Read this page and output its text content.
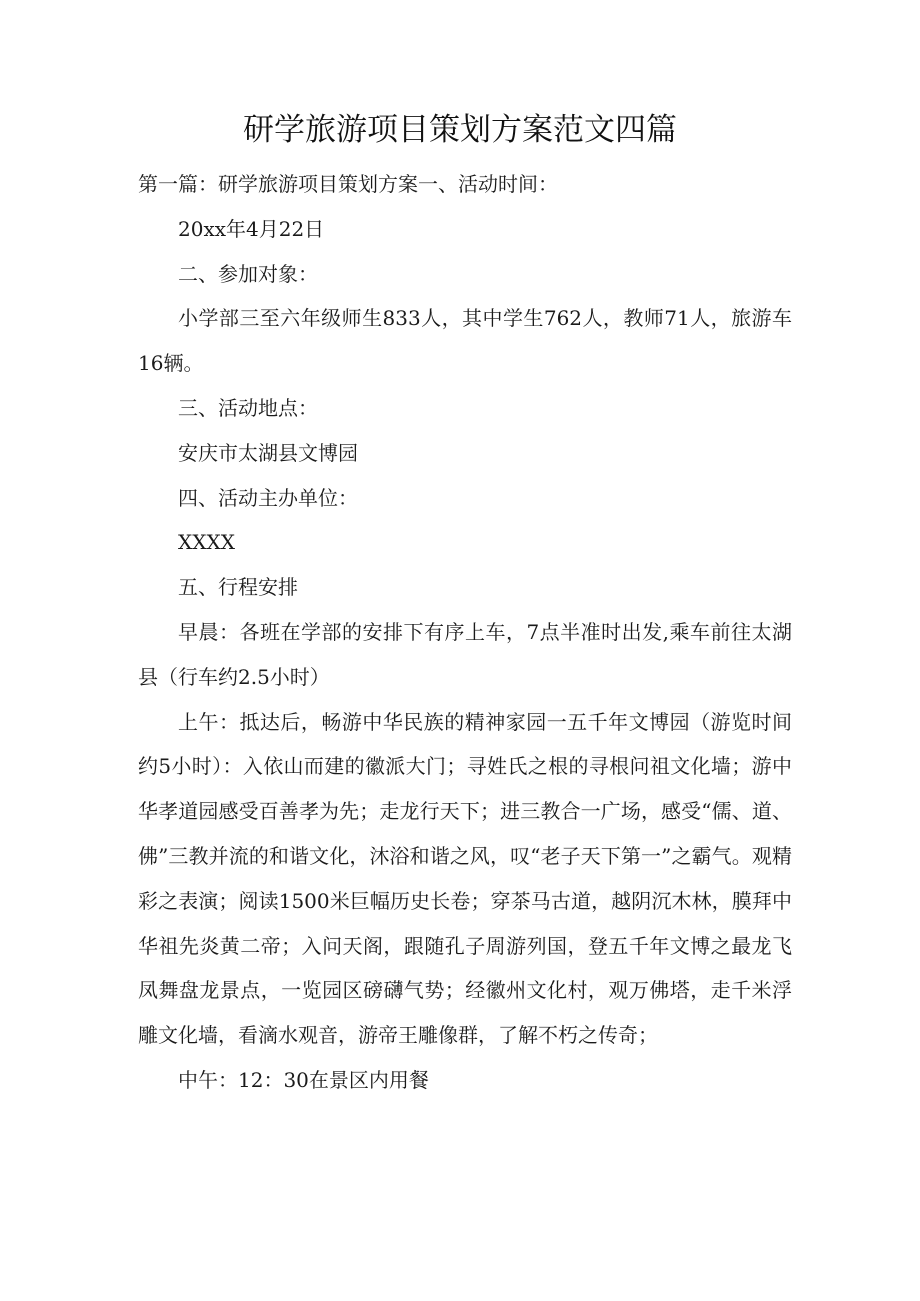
研学旅游项目策划方案范文四篇

第一篇：研学旅游项目策划方案一、活动时间：

20xx年4月22日

二、参加对象：

小学部三至六年级师生833人，其中学生762人，教师71人，旅游车16辆。

三、活动地点：

安庆市太湖县文博园

四、活动主办单位：

XXXX

五、行程安排

早晨：各班在学部的安排下有序上车，7点半准时出发,乘车前往太湖县（行车约2.5小时）

上午：抵达后，畅游中华民族的精神家园一五千年文博园（游览时间约5小时）：入依山而建的徽派大门；寻姓氏之根的寻根问祖文化墙；游中华孝道园感受百善孝为先；走龙行天下；进三教合一广场，感受“儒、道、佛”三教并流的和谐文化，沐浴和谐之风，叹“老子天下第一”之霸气。观精彩之表演；阅读1500米巨幅历史长卷；穿茶马古道，越阴沉木林，膜拜中华祖先炎黄二帝；入问天阁，跟随孔子周游列国，登五千年文博之最龙飞凤舞盘龙景点，一览园区磅礴气势；经徽州文化村，观万佛塔，走千米浮雕文化墙，看滴水观音，游帝王雕像群，了解不朽之传奇；

中午：12：30在景区内用餐
